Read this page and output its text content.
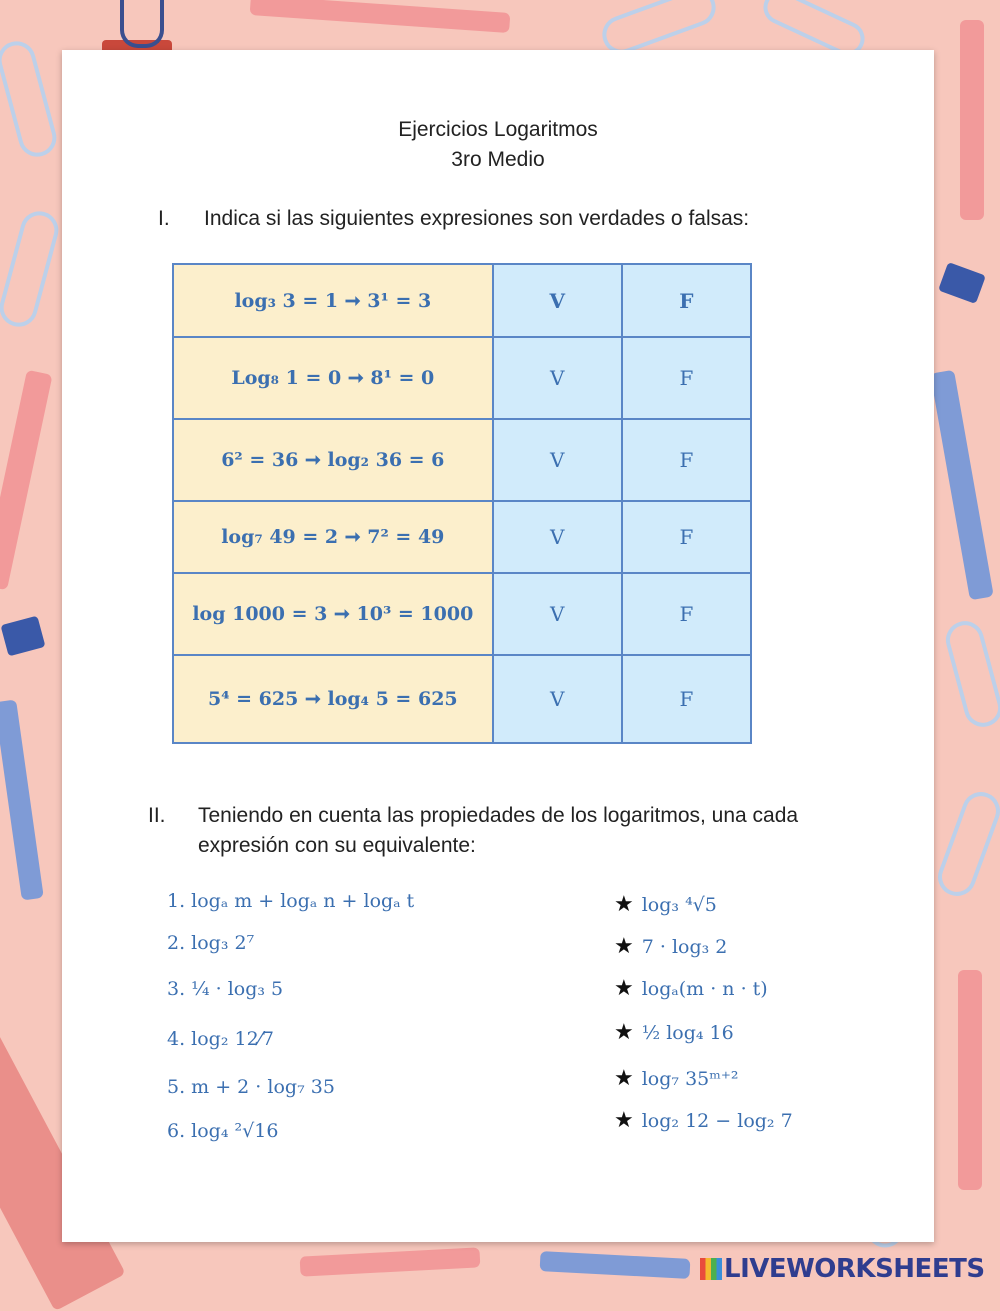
Ejercicios Logaritmos
3ro Medio
I. Indica si las siguientes expresiones son verdades o falsas:
log₃ 3 = 1 ➞ 3¹ = 3	V	F
Log₈ 1 = 0 ➞ 8¹ = 0	V	F
6² = 36 ➞ log₂ 36 = 6	V	F
log₇ 49 = 2 ➞ 7² = 49	V	F
log 1000 = 3 ➞ 10³ = 1000	V	F
5⁴ = 625 ➞ log₄ 5 = 625	V	F
II. Teniendo en cuenta las propiedades de los logaritmos, una cada expresión con su equivalente:
1. logₐ m + logₐ n + logₐ t
2. log₃ 2⁷
3. ¼ · log₃ 5
4. log₂ 12⁄7
5. m + 2 · log₇ 35
6. log₄ ²√16
★ log₃ ⁴√5
★ 7 · log₃ 2
★ logₐ(m · n · t)
★ ½ log₄ 16
★ log₇ 35ᵐ⁺²
★ log₂ 12 − log₂ 7
LIVEWORKSHEETS
